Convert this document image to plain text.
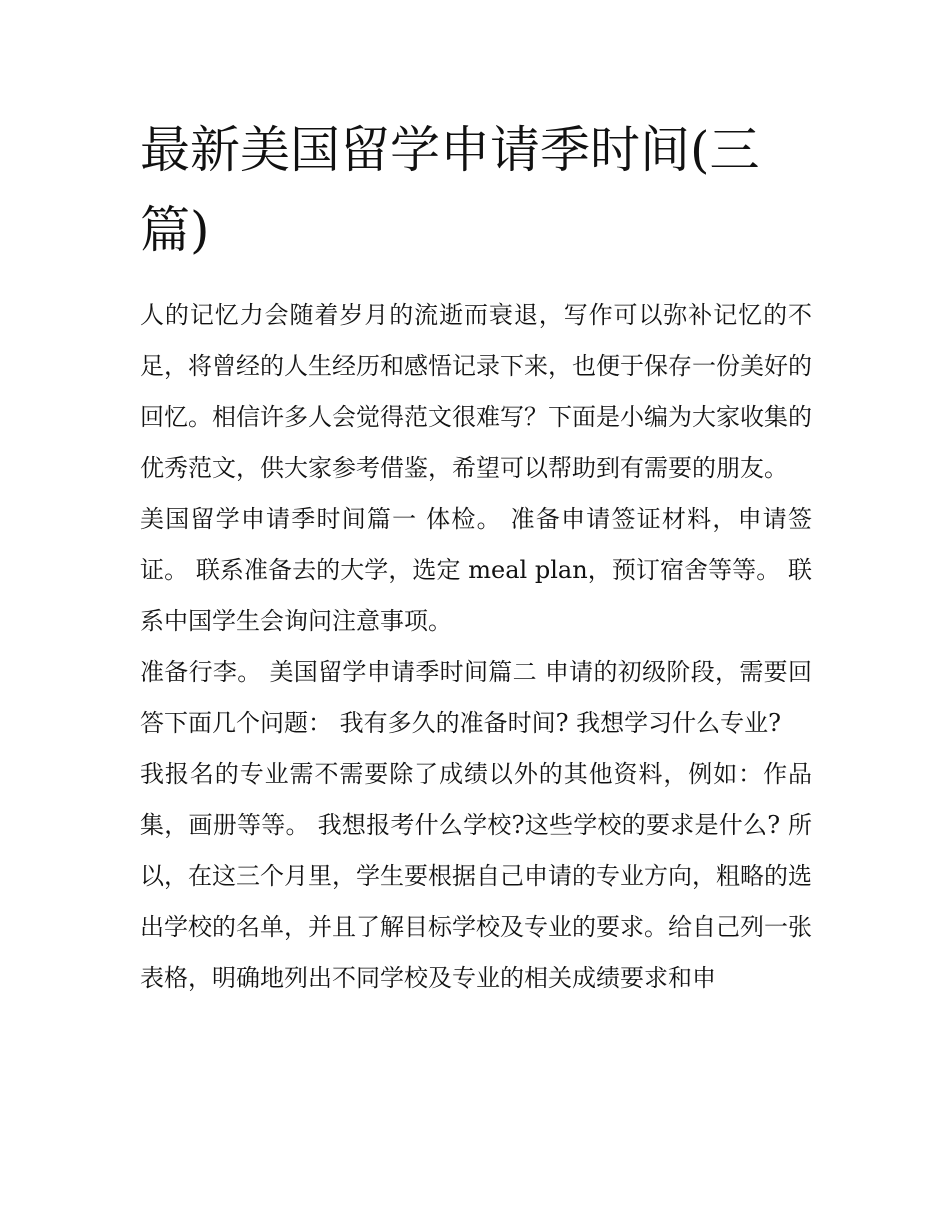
最新美国留学申请季时间(三篇)

人的记忆力会随着岁月的流逝而衰退，写作可以弥补记忆的不足，将曾经的人生经历和感悟记录下来，也便于保存一份美好的回忆。相信许多人会觉得范文很难写？下面是小编为大家收集的优秀范文，供大家参考借鉴，希望可以帮助到有需要的朋友。

美国留学申请季时间篇一 体检。 准备申请签证材料，申请签证。 联系准备去的大学，选定 meal plan，预订宿舍等等。 联系中国学生会询问注意事项。

准备行李。 美国留学申请季时间篇二 申请的初级阶段，需要回答下面几个问题： 我有多久的准备时间? 我想学习什么专业?

我报名的专业需不需要除了成绩以外的其他资料，例如：作品集，画册等等。 我想报考什么学校?这些学校的要求是什么? 所以，在这三个月里，学生要根据自己申请的专业方向，粗略的选出学校的名单，并且了解目标学校及专业的要求。给自己列一张表格，明确地列出不同学校及专业的相关成绩要求和申
